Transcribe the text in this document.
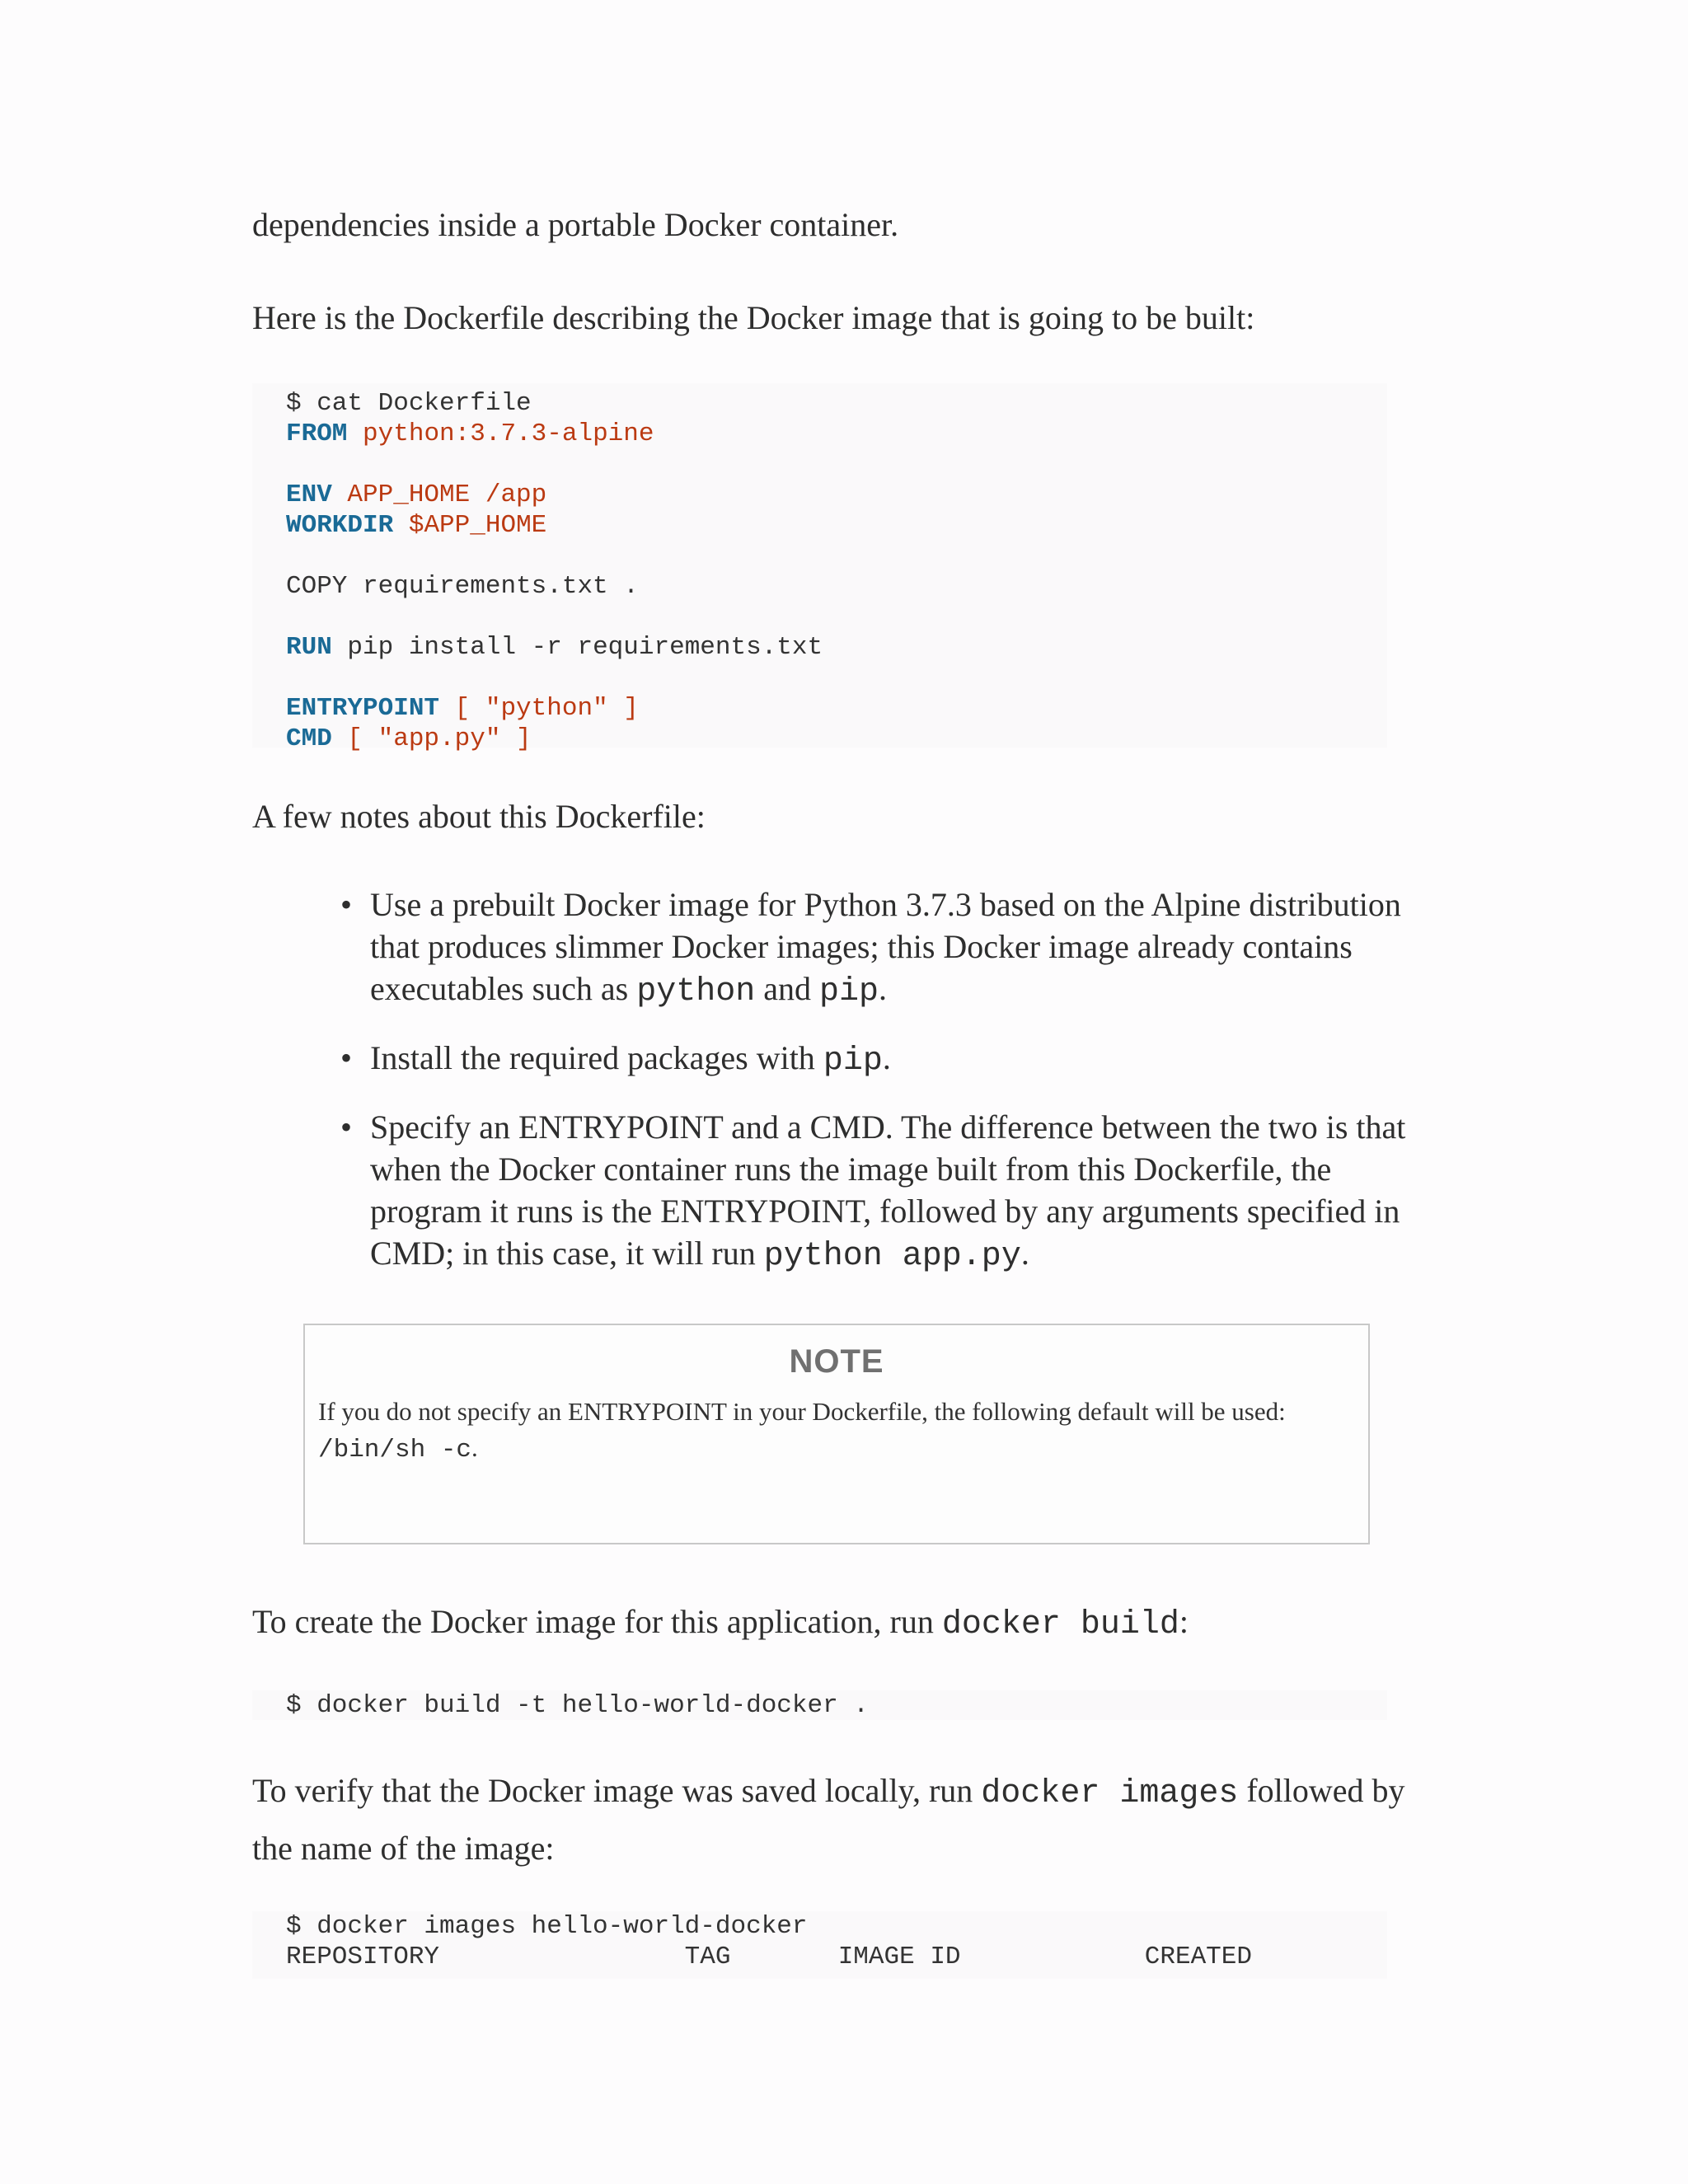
dependencies inside a portable Docker container.

Here is the Dockerfile describing the Docker image that is going to be built:

$ cat Dockerfile
FROM python:3.7.3-alpine

ENV APP_HOME /app
WORKDIR $APP_HOME

COPY requirements.txt .

RUN pip install -r requirements.txt

ENTRYPOINT [ "python" ]
CMD [ "app.py" ]

A few notes about this Dockerfile:

• Use a prebuilt Docker image for Python 3.7.3 based on the Alpine distribution that produces slimmer Docker images; this Docker image already contains executables such as python and pip.
• Install the required packages with pip.
• Specify an ENTRYPOINT and a CMD. The difference between the two is that when the Docker container runs the image built from this Dockerfile, the program it runs is the ENTRYPOINT, followed by any arguments specified in CMD; in this case, it will run python app.py.

NOTE

If you do not specify an ENTRYPOINT in your Dockerfile, the following default will be used:
/bin/sh -c.

To create the Docker image for this application, run docker build:

$ docker build -t hello-world-docker .

To verify that the Docker image was saved locally, run docker images followed by the name of the image:

$ docker images hello-world-docker
REPOSITORY                TAG       IMAGE ID            CREATED
